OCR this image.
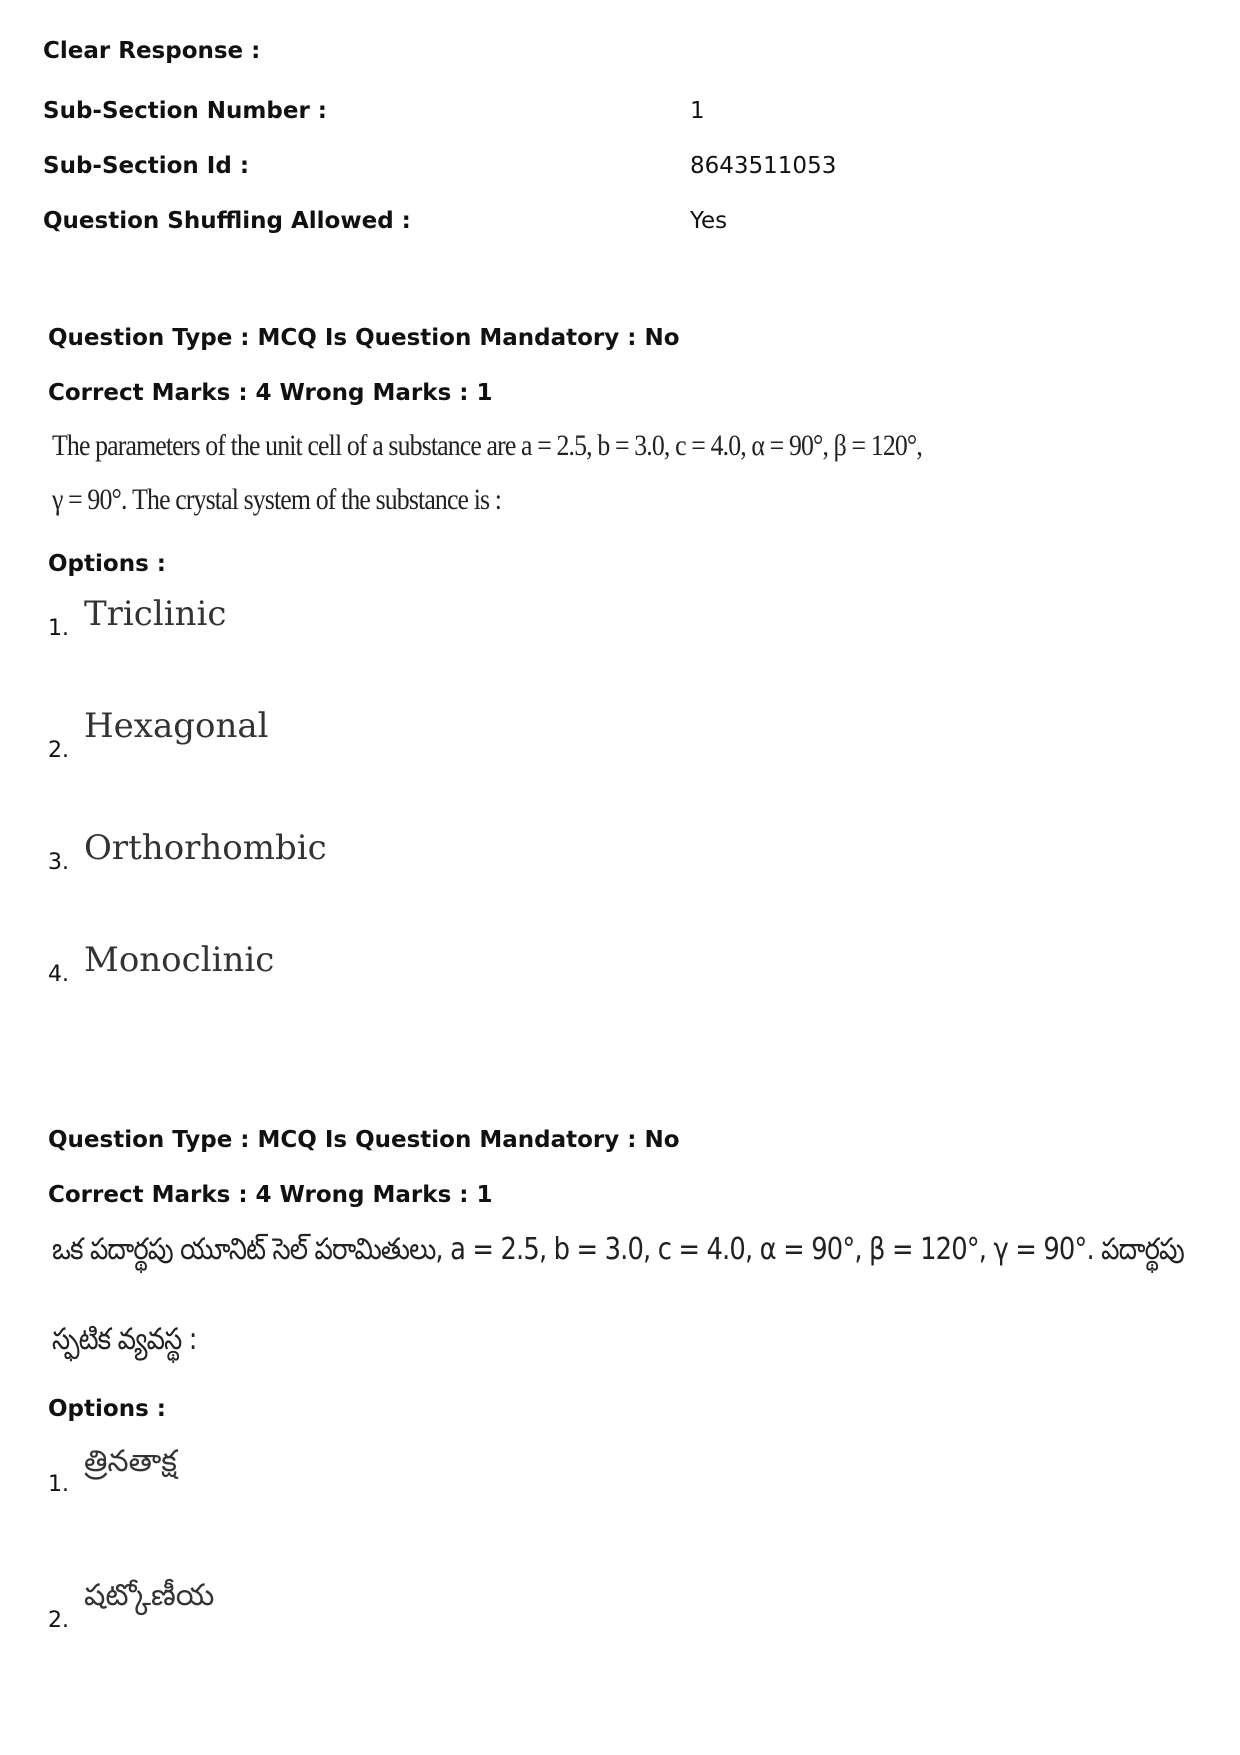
Clear Response :
Sub-Section Number :	1
Sub-Section Id :	8643511053
Question Shuffling Allowed :	Yes
Question Type : MCQ Is Question Mandatory : No
Correct Marks : 4 Wrong Marks : 1
The parameters of the unit cell of a substance are a = 2.5, b = 3.0, c = 4.0, α = 90°, β = 120°,
γ = 90°. The crystal system of the substance is :
Options :
1. Triclinic
2.
Hexagonal
3. Orthorhombic
4. Monoclinic
Question Type : MCQ Is Question Mandatory : No
Correct Marks : 4 Wrong Marks : 1
ఒక పదార్థపు యూనిట్ సెల్ పరామితులు, a = 2.5, b = 3.0, c = 4.0, α = 90°, β = 120°, γ = 90°. పదార్థపు
స్ఫటిక వ్యవస్థ :
Options :
1.
త్రినతాక్ష
2.
షట్కోణీయ
